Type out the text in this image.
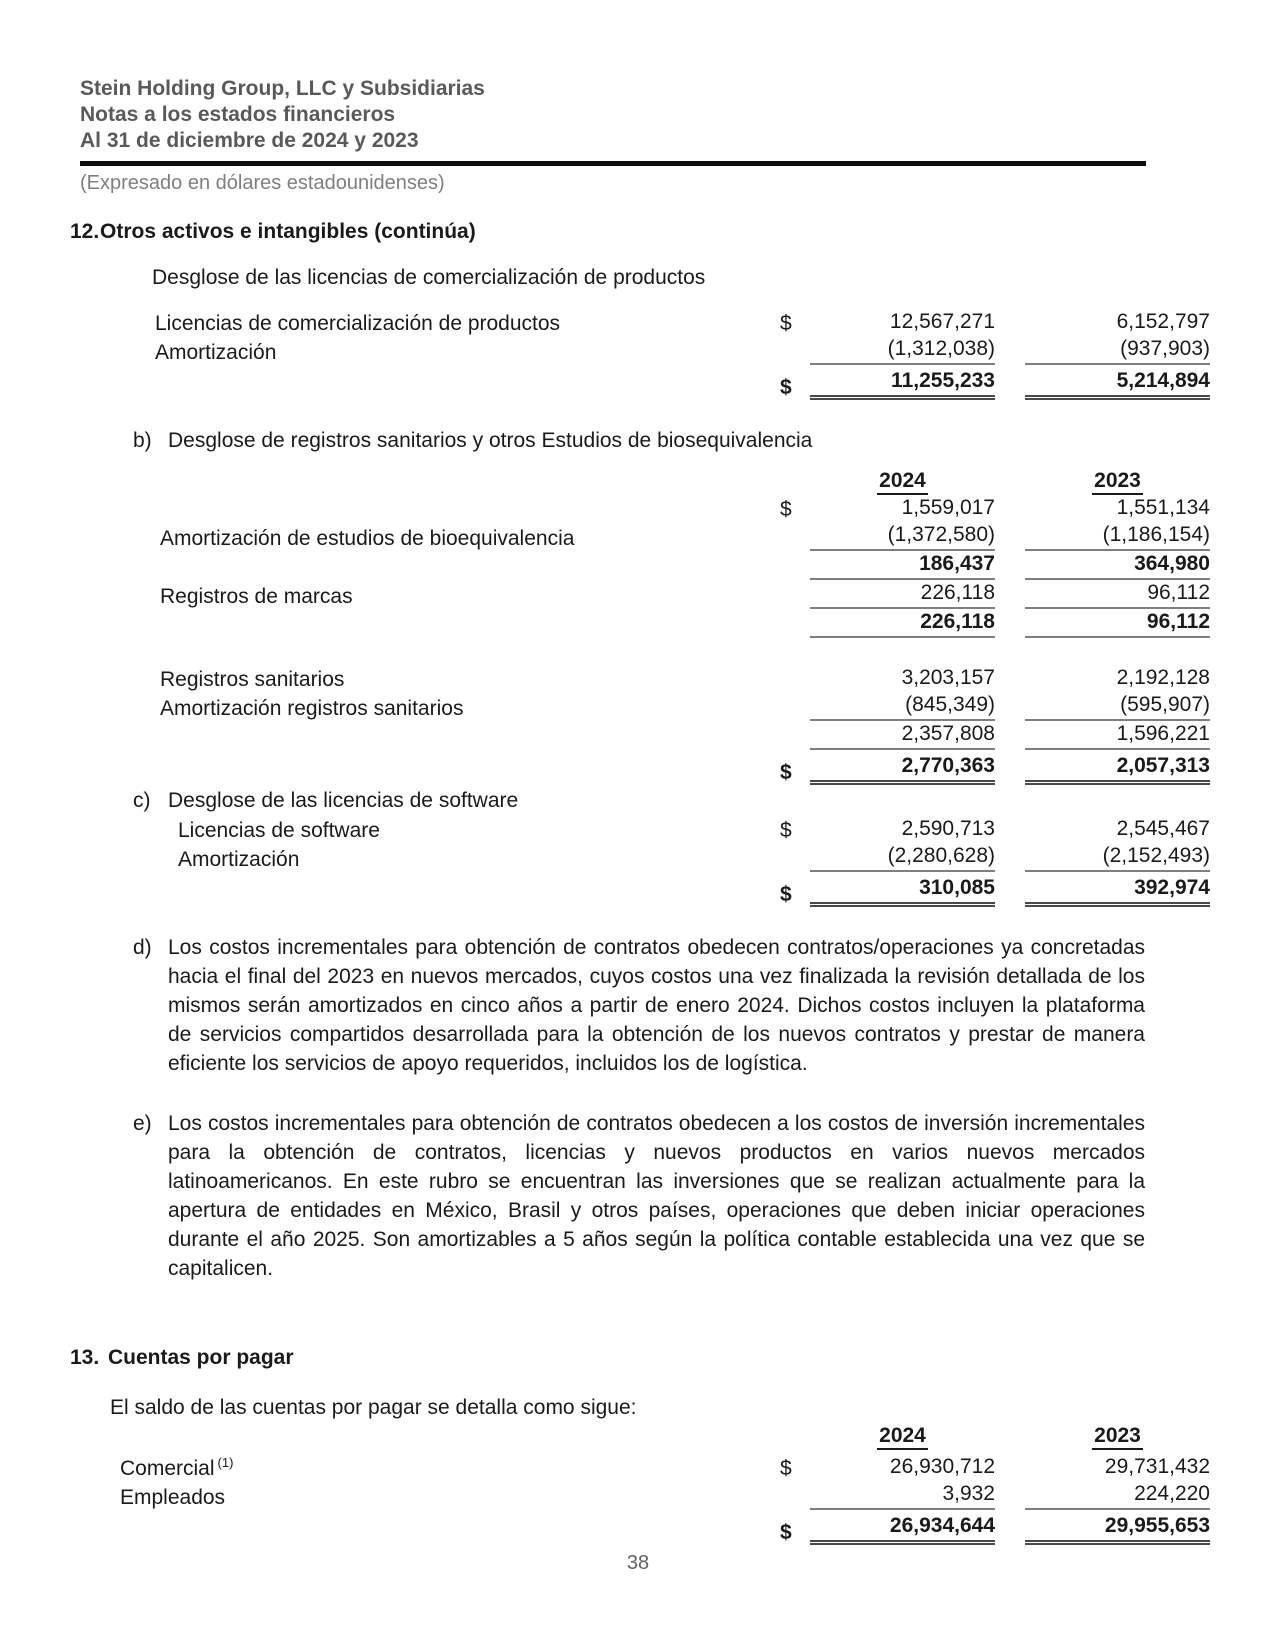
Stein Holding Group, LLC y Subsidiarias
Notas a los estados financieros
Al 31 de diciembre de 2024 y 2023
(Expresado en dólares estadounidenses)
12. Otros activos e intangibles (continúa)
Desglose de las licencias de comercialización de productos
Licencias de comercialización de productos	$	12,567,271	6,152,797
Amortización	(1,312,038)	(937,903)
$	11,255,233	5,214,894
b) Desglose de registros sanitarios y otros Estudios de biosequivalencia
2024	2023
$	1,559,017	1,551,134
Amortización de estudios de bioequivalencia	(1,372,580)	(1,186,154)
186,437	364,980
Registros de marcas	226,118	96,112
226,118	96,112
Registros sanitarios	3,203,157	2,192,128
Amortización registros sanitarios	(845,349)	(595,907)
2,357,808	1,596,221
$	2,770,363	2,057,313
c) Desglose de las licencias de software
Licencias de software	$	2,590,713	2,545,467
Amortización	(2,280,628)	(2,152,493)
$	310,085	392,974
d) Los costos incrementales para obtención de contratos obedecen contratos/operaciones ya concretadas hacia el final del 2023 en nuevos mercados, cuyos costos una vez finalizada la revisión detallada de los mismos serán amortizados en cinco años a partir de enero 2024. Dichos costos incluyen la plataforma de servicios compartidos desarrollada para la obtención de los nuevos contratos y prestar de manera eficiente los servicios de apoyo requeridos, incluidos los de logística.
e) Los costos incrementales para obtención de contratos obedecen a los costos de inversión incrementales para la obtención de contratos, licencias y nuevos productos en varios nuevos mercados latinoamericanos. En este rubro se encuentran las inversiones que se realizan actualmente para la apertura de entidades en México, Brasil y otros países, operaciones que deben iniciar operaciones durante el año 2025. Son amortizables a 5 años según la política contable establecida una vez que se capitalicen.
13. Cuentas por pagar
El saldo de las cuentas por pagar se detalla como sigue:
2024	2023
Comercial $^{(1)}$	$	26,930,712	29,731,432
Empleados	3,932	224,220
$	26,934,644	29,955,653
38
